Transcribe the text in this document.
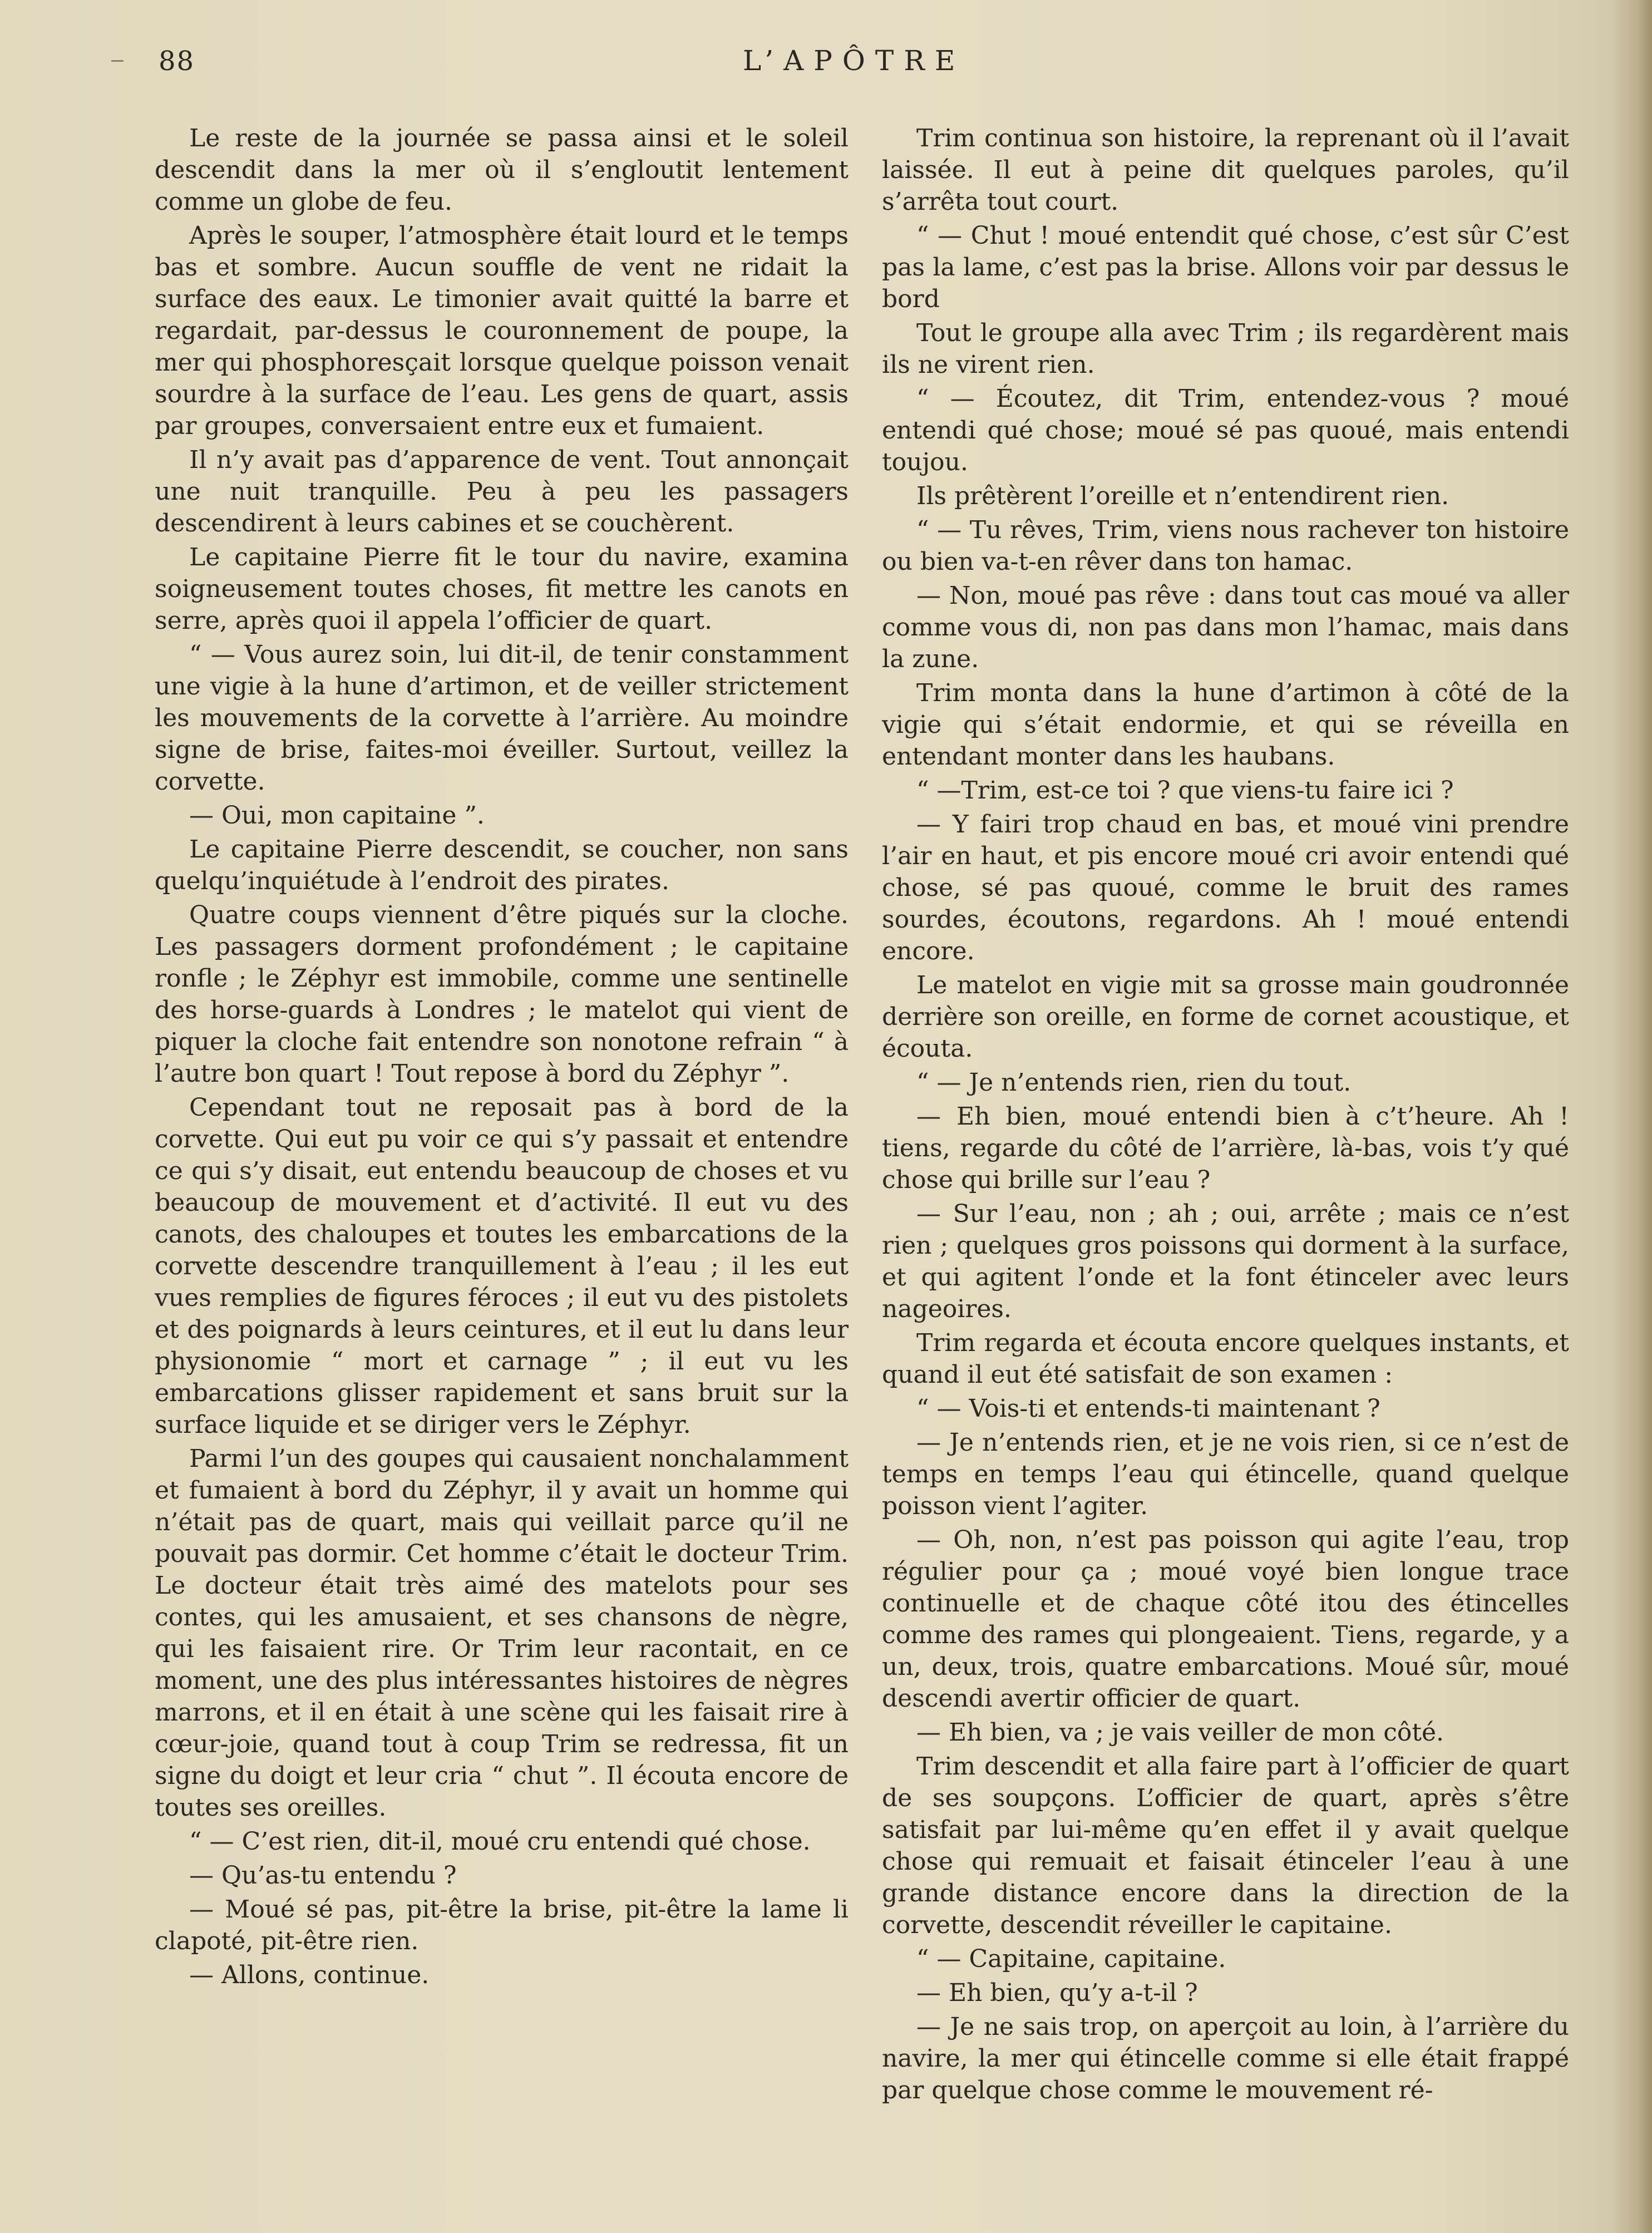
88	L’APÔTRE

Le reste de la journée se passa ainsi et le soleil descendit dans la mer où il s’engloutit lentement comme un globe de feu.

Après le souper, l’atmosphère était lourd et le temps bas et sombre. Aucun souffle de vent ne ridait la surface des eaux. Le timonier avait quitté la barre et regardait, par-dessus le couronnement de poupe, la mer qui phosphoresçait lorsque quelque poisson venait sourdre à la surface de l’eau. Les gens de quart, assis par groupes, conversaient entre eux et fumaient.

Il n’y avait pas d’apparence de vent. Tout annonçait une nuit tranquille. Peu à peu les passagers descendirent à leurs cabines et se couchèrent.

Le capitaine Pierre fit le tour du navire, examina soigneusement toutes choses, fit mettre les canots en serre, après quoi il appela l’officier de quart.

“ — Vous aurez soin, lui dit-il, de tenir constamment une vigie à la hune d’artimon, et de veiller strictement les mouvements de la corvette à l’arrière. Au moindre signe de brise, faites-moi éveiller. Surtout, veillez la corvette.

— Oui, mon capitaine ”.

Le capitaine Pierre descendit, se coucher, non sans quelqu’inquiétude à l’endroit des pirates.

Quatre coups viennent d’être piqués sur la cloche. Les passagers dorment profondément ; le capitaine ronfle ; le Zéphyr est immobile, comme une sentinelle des horse-guards à Londres ; le matelot qui vient de piquer la cloche fait entendre son nonotone refrain “ à l’autre bon quart ! Tout repose à bord du Zéphyr ”.

Cependant tout ne reposait pas à bord de la corvette. Qui eut pu voir ce qui s’y passait et entendre ce qui s’y disait, eut entendu beaucoup de choses et vu beaucoup de mouvement et d’activité. Il eut vu des canots, des chaloupes et toutes les embarcations de la corvette descendre tranquillement à l’eau ; il les eut vues remplies de figures féroces ; il eut vu des pistolets et des poignards à leurs ceintures, et il eut lu dans leur physionomie “ mort et carnage ” ; il eut vu les embarcations glisser rapidement et sans bruit sur la surface liquide et se diriger vers le Zéphyr.

Parmi l’un des goupes qui causaient nonchalamment et fumaient à bord du Zéphyr, il y avait un homme qui n’était pas de quart, mais qui veillait parce qu’il ne pouvait pas dormir. Cet homme c’était le docteur Trim. Le docteur était très aimé des matelots pour ses contes, qui les amusaient, et ses chansons de nègre, qui les faisaient rire. Or Trim leur racontait, en ce moment, une des plus intéressantes histoires de nègres marrons, et il en était à une scène qui les faisait rire à cœur-joie, quand tout à coup Trim se redressa, fit un signe du doigt et leur cria “ chut ”. Il écouta encore de toutes ses oreilles.

“ — C’est rien, dit-il, moué cru entendi qué chose.

— Qu’as-tu entendu ?

— Moué sé pas, pit-être la brise, pit-être la lame li clapoté, pit-être rien.

— Allons, continue.

Trim continua son histoire, la reprenant où il l’avait laissée. Il eut à peine dit quelques paroles, qu’il s’arrêta tout court.

“ — Chut ! moué entendit qué chose, c’est sûr C’est pas la lame, c’est pas la brise. Allons voir par dessus le bord

Tout le groupe alla avec Trim ; ils regardèrent mais ils ne virent rien.

“ — Écoutez, dit Trim, entendez-vous ? moué entendi qué chose; moué sé pas quoué, mais entendi toujou.

Ils prêtèrent l’oreille et n’entendirent rien.

“ — Tu rêves, Trim, viens nous rachever ton histoire ou bien va-t-en rêver dans ton hamac.

— Non, moué pas rêve : dans tout cas moué va aller comme vous di, non pas dans mon l’hamac, mais dans la zune.

Trim monta dans la hune d’artimon à côté de la vigie qui s’était endormie, et qui se réveilla en entendant monter dans les haubans.

“ —Trim, est-ce toi ? que viens-tu faire ici ?

— Y fairi trop chaud en bas, et moué vini prendre l’air en haut, et pis encore moué cri avoir entendi qué chose, sé pas quoué, comme le bruit des rames sourdes, écoutons, regardons. Ah ! moué entendi encore.

Le matelot en vigie mit sa grosse main goudronnée derrière son oreille, en forme de cornet acoustique, et écouta.

“ — Je n’entends rien, rien du tout.

— Eh bien, moué entendi bien à c’t’heure. Ah ! tiens, regarde du côté de l’arrière, là-bas, vois t’y qué chose qui brille sur l’eau ?

— Sur l’eau, non ; ah ; oui, arrête ; mais ce n’est rien ; quelques gros poissons qui dorment à la surface, et qui agitent l’onde et la font étinceler avec leurs nageoires.

Trim regarda et écouta encore quelques instants, et quand il eut été satisfait de son examen :

“ — Vois-ti et entends-ti maintenant ?

— Je n’entends rien, et je ne vois rien, si ce n’est de temps en temps l’eau qui étincelle, quand quelque poisson vient l’agiter.

— Oh, non, n’est pas poisson qui agite l’eau, trop régulier pour ça ; moué voyé bien longue trace continuelle et de chaque côté itou des étincelles comme des rames qui plongeaient. Tiens, regarde, y a un, deux, trois, quatre embarcations. Moué sûr, moué descendi avertir officier de quart.

— Eh bien, va ; je vais veiller de mon côté.

Trim descendit et alla faire part à l’officier de quart de ses soupçons. L’officier de quart, après s’être satisfait par lui-même qu’en effet il y avait quelque chose qui remuait et faisait étinceler l’eau à une grande distance encore dans la direction de la corvette, descendit réveiller le capitaine.

“ — Capitaine, capitaine.

— Eh bien, qu’y a-t-il ?

— Je ne sais trop, on aperçoit au loin, à l’arrière du navire, la mer qui étincelle comme si elle était frappé par quelque chose comme le mouvement ré-
